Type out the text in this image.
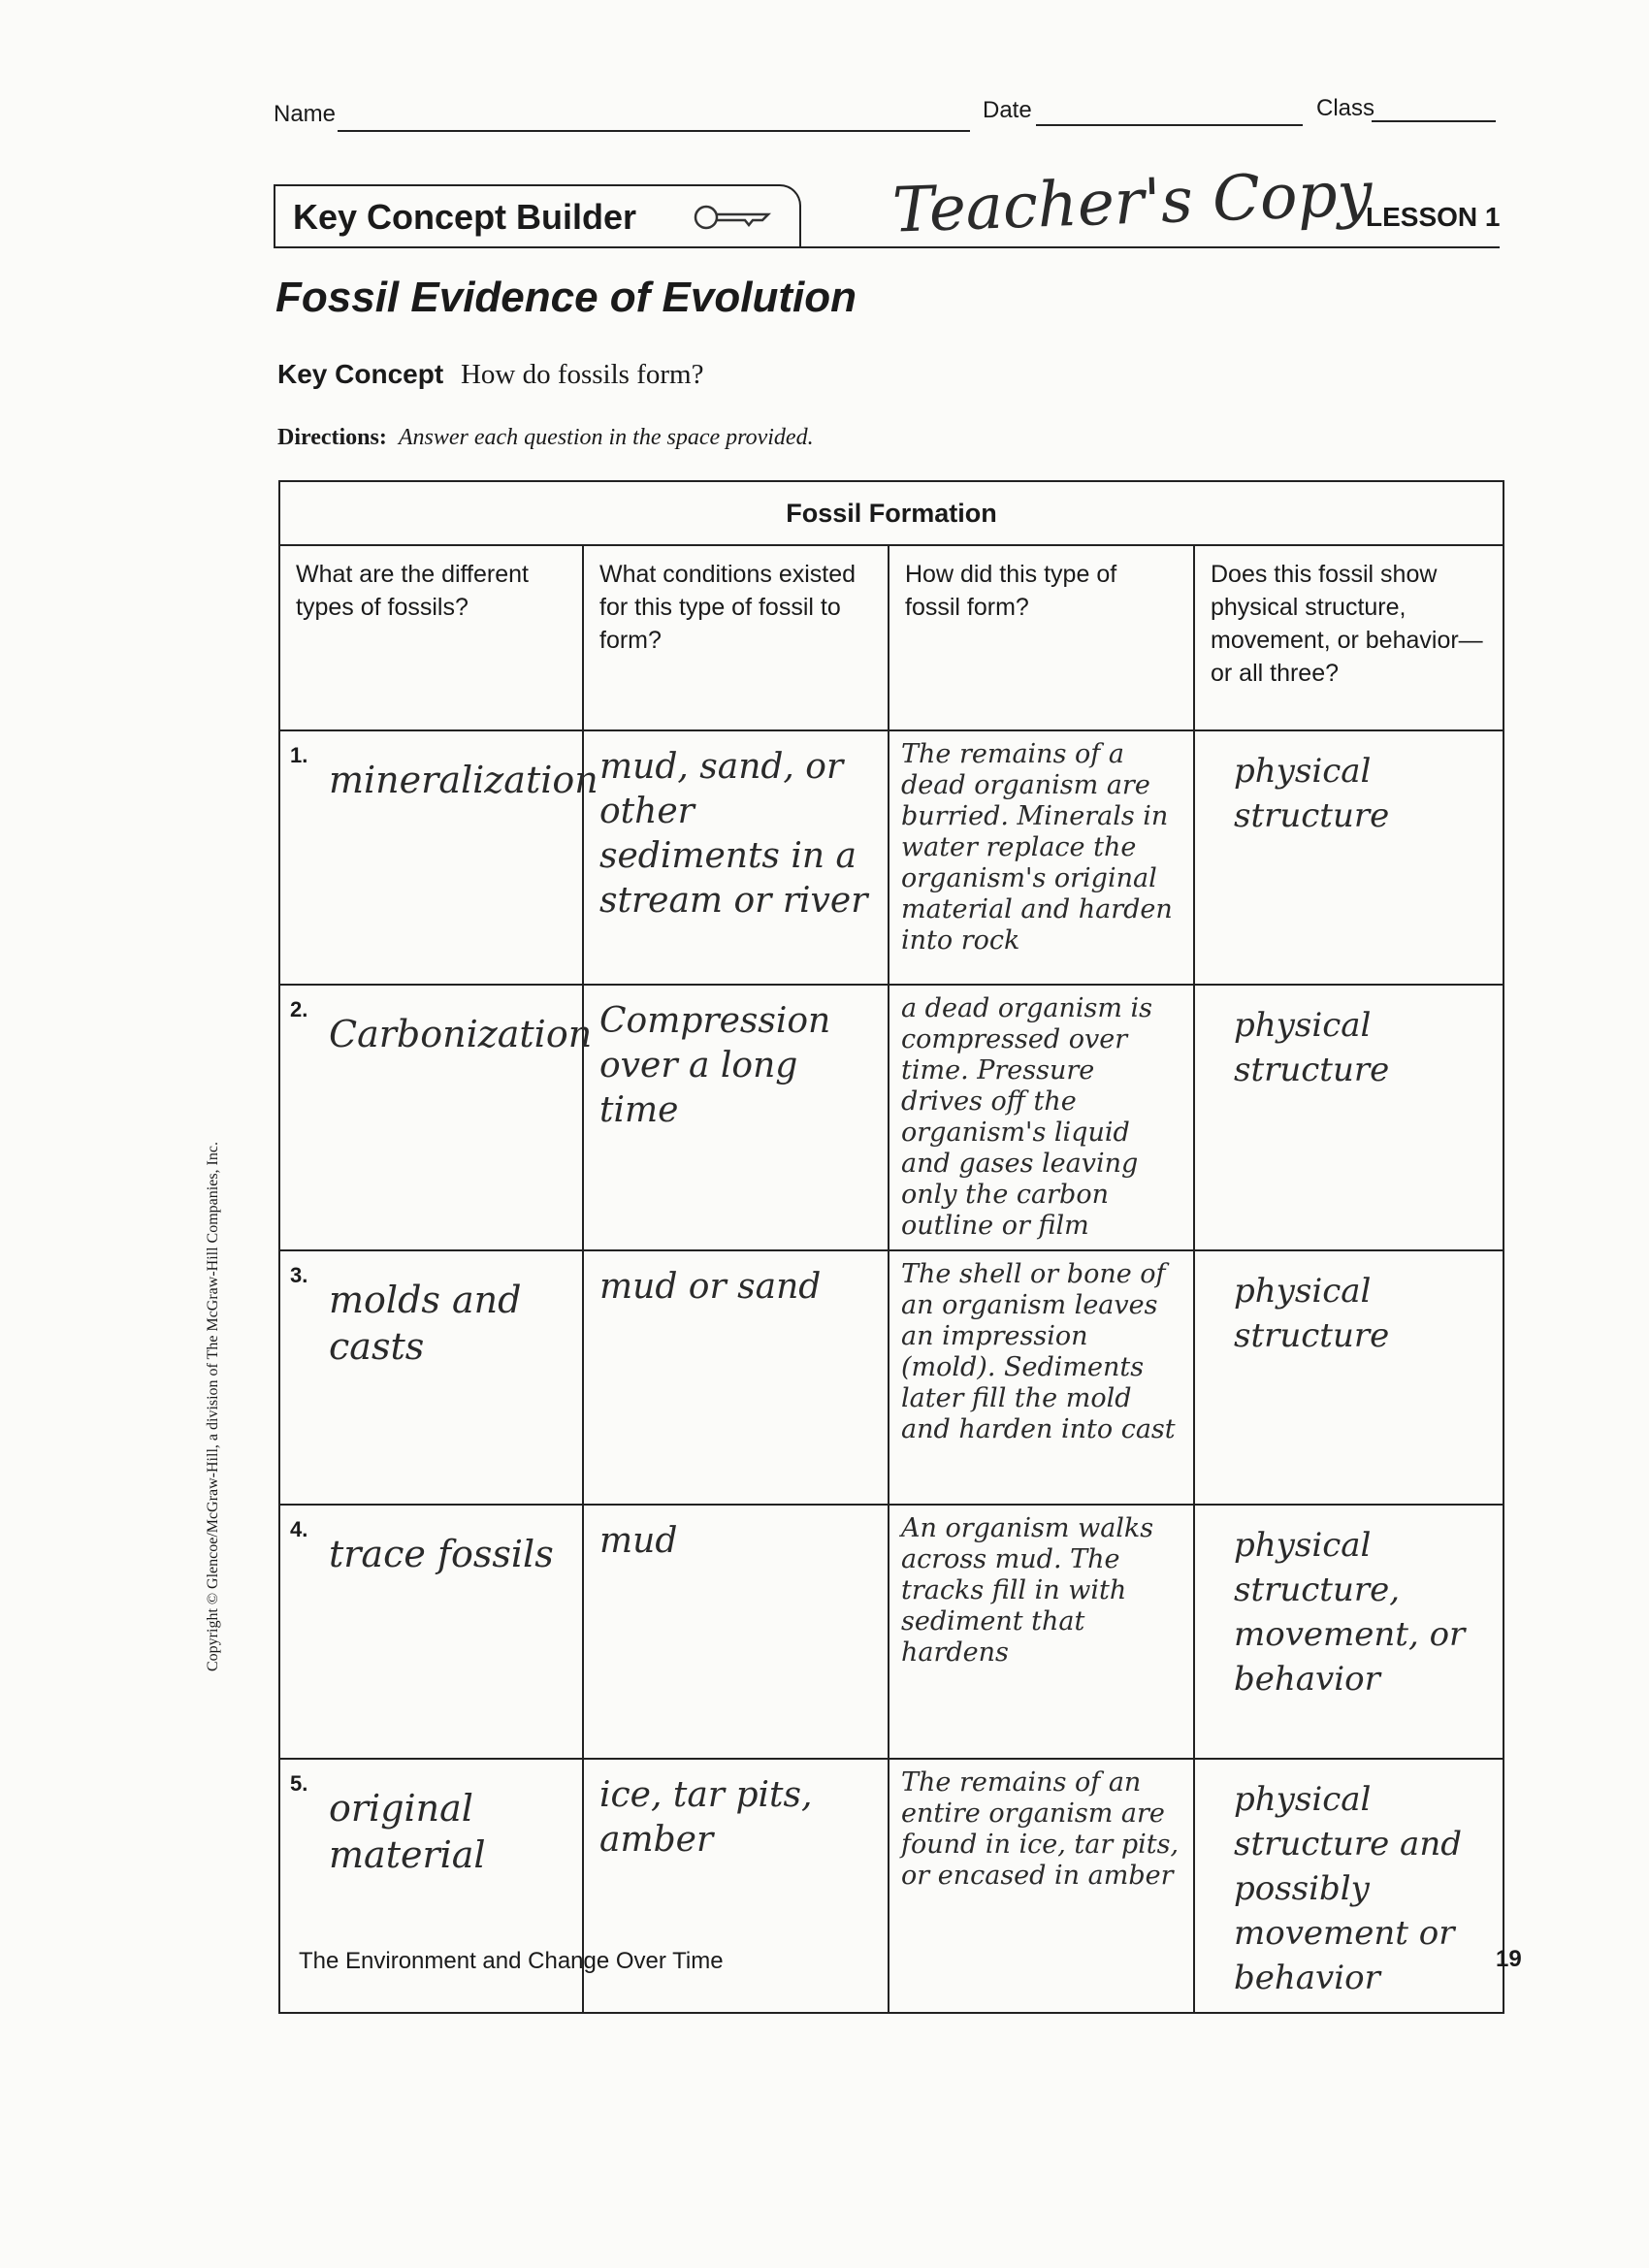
Name	Date	Class
Key Concept Builder	Teacher's Copy
LESSON 1
Fossil Evidence of Evolution
Key Concept How do fossils form?
Directions: Answer each question in the space provided.
Fossil Formation			
What are the different types of fossils?	What conditions existed for this type of fossil to form?	How did this type of fossil form?	Does this fossil show physical structure, movement, or behavior—or all three?

1.
mineralization	mud, sand, or other sediments in a stream or river	The remains of a dead organism are burried. Minerals in water replace the organism's original material and harden into rock	physical structure

2.
Carbonization	Compression over a long time	a dead organism is compressed over time. Pressure drives off the organism's liquid and gases leaving only the carbon outline or film	physical structure

3.
molds and casts	mud or sand	The shell or bone of an organism leaves an impression (mold). Sediments later fill the mold and harden into cast	physical structure

4.
trace fossils	mud	An organism walks across mud. The tracks fill in with sediment that hardens	physical structure, movement, or behavior

5.
original material	ice, tar pits, amber	The remains of an entire organism are found in ice, tar pits, or encased in amber	physical structure and possibly movement or behavior
The Environment and Change Over Time	19
Copyright © Glencoe/McGraw-Hill, a division of The McGraw-Hill Companies, Inc.
